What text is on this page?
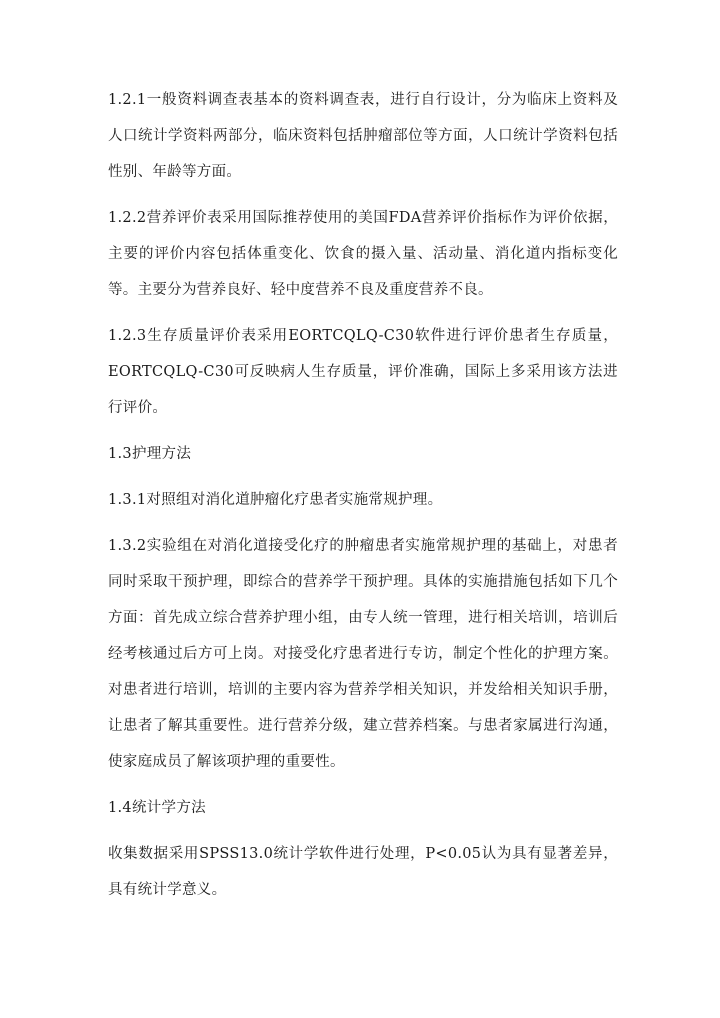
1.2.1一般资料调查表基本的资料调查表，进行自行设计，分为临床上资料及人口统计学资料两部分，临床资料包括肿瘤部位等方面，人口统计学资料包括性别、年龄等方面。

1.2.2营养评价表采用国际推荐使用的美国FDA营养评价指标作为评价依据，主要的评价内容包括体重变化、饮食的摄入量、活动量、消化道内指标变化等。主要分为营养良好、轻中度营养不良及重度营养不良。

1.2.3生存质量评价表采用EORTCQLQ-C30软件进行评价患者生存质量，EORTCQLQ-C30可反映病人生存质量，评价准确，国际上多采用该方法进行评价。

1.3护理方法

1.3.1对照组对消化道肿瘤化疗患者实施常规护理。

1.3.2实验组在对消化道接受化疗的肿瘤患者实施常规护理的基础上，对患者同时采取干预护理，即综合的营养学干预护理。具体的实施措施包括如下几个方面：首先成立综合营养护理小组，由专人统一管理，进行相关培训，培训后经考核通过后方可上岗。对接受化疗患者进行专访，制定个性化的护理方案。对患者进行培训，培训的主要内容为营养学相关知识，并发给相关知识手册，让患者了解其重要性。进行营养分级，建立营养档案。与患者家属进行沟通，使家庭成员了解该项护理的重要性。

1.4统计学方法

收集数据采用SPSS13.0统计学软件进行处理，P<0.05认为具有显著差异，具有统计学意义。
